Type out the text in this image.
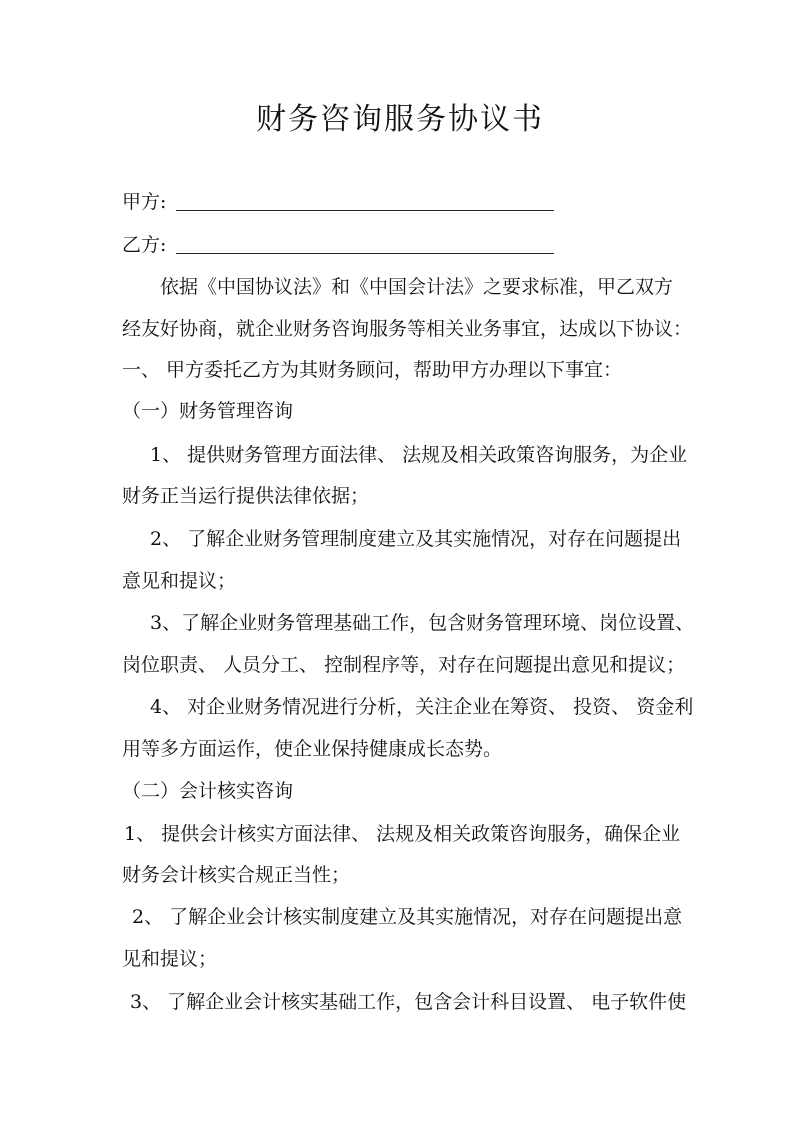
财务咨询服务协议书
甲方:
乙方:
依据《中国协议法》和《中国会计法》之要求标准，甲乙双方
经友好协商，就企业财务咨询服务等相关业务事宜，达成以下协议：
一、 甲方委托乙方为其财务顾问，帮助甲方办理以下事宜：
（一）财务管理咨询
1、 提供财务管理方面法律、 法规及相关政策咨询服务，为企业
财务正当运行提供法律依据；
2、 了解企业财务管理制度建立及其实施情况，对存在问题提出
意见和提议；
3、了解企业财务管理基础工作，包含财务管理环境、岗位设置、
岗位职责、 人员分工、 控制程序等，对存在问题提出意见和提议；
4、 对企业财务情况进行分析，关注企业在筹资、 投资、 资金利
用等多方面运作，使企业保持健康成长态势。
（二）会计核实咨询
1、 提供会计核实方面法律、 法规及相关政策咨询服务，确保企业
财务会计核实合规正当性；
2、 了解企业会计核实制度建立及其实施情况，对存在问题提出意
见和提议；
3、 了解企业会计核实基础工作，包含会计科目设置、 电子软件使
